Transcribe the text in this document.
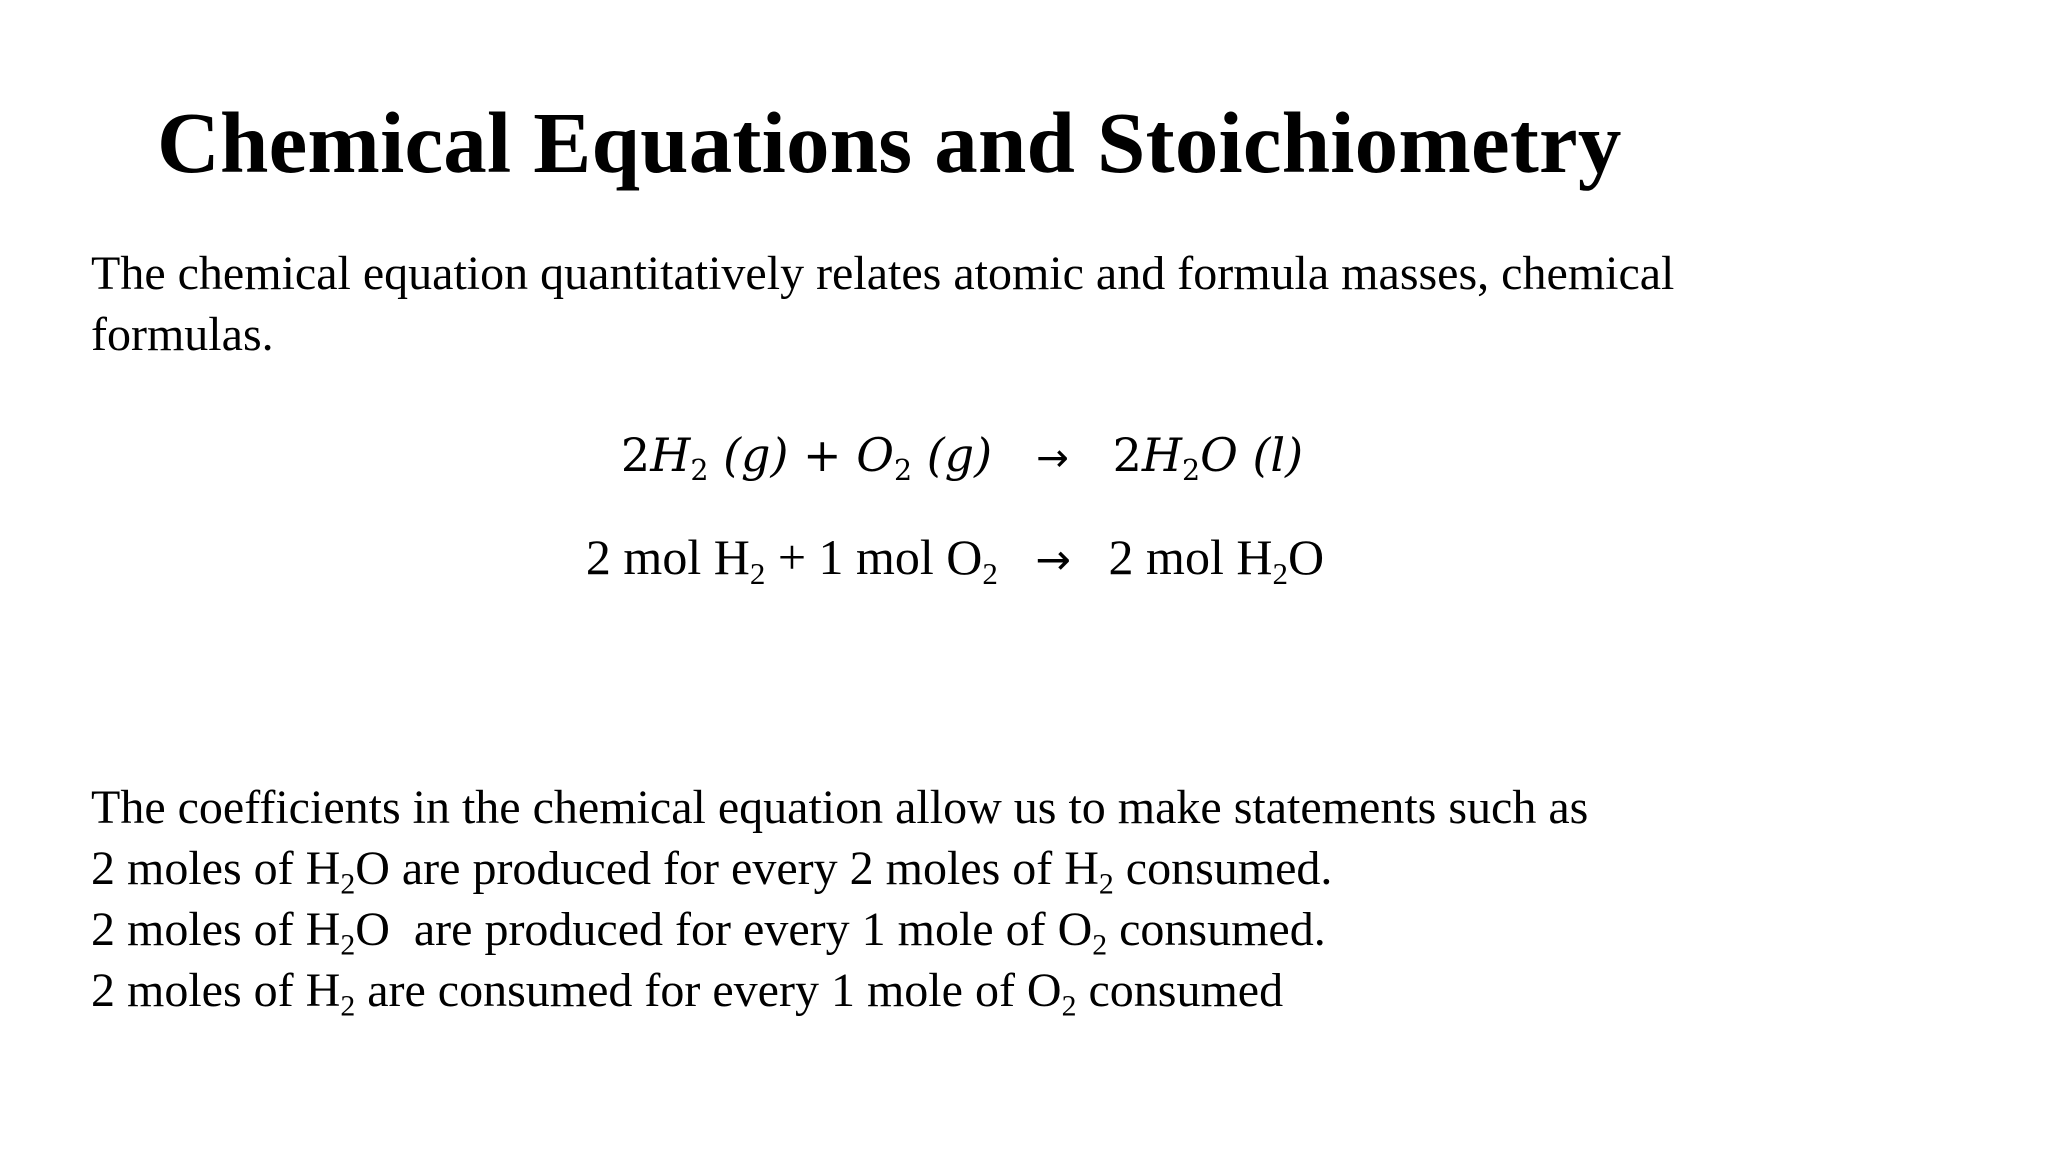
Chemical Equations and Stoichiometry
The chemical equation quantitatively relates atomic and formula masses, chemical
formulas.
$2H_2$ $(g) + O_2$ $(g) \to 2H_2O$ (l)
2 mol $H_2 + 1$ mol $O_2 \to 2$ mol $H_2O$
The coefficients in the chemical equation allow us to make statements such as
2 moles of $H_2O$ are produced for every 2 moles of $H_2$ consumed.
2 moles of $H_2O$  are produced for every 1 mole of $O_2$ consumed.
2 moles of $H_2$ are consumed for every 1 mole of $O_2$ consumed
